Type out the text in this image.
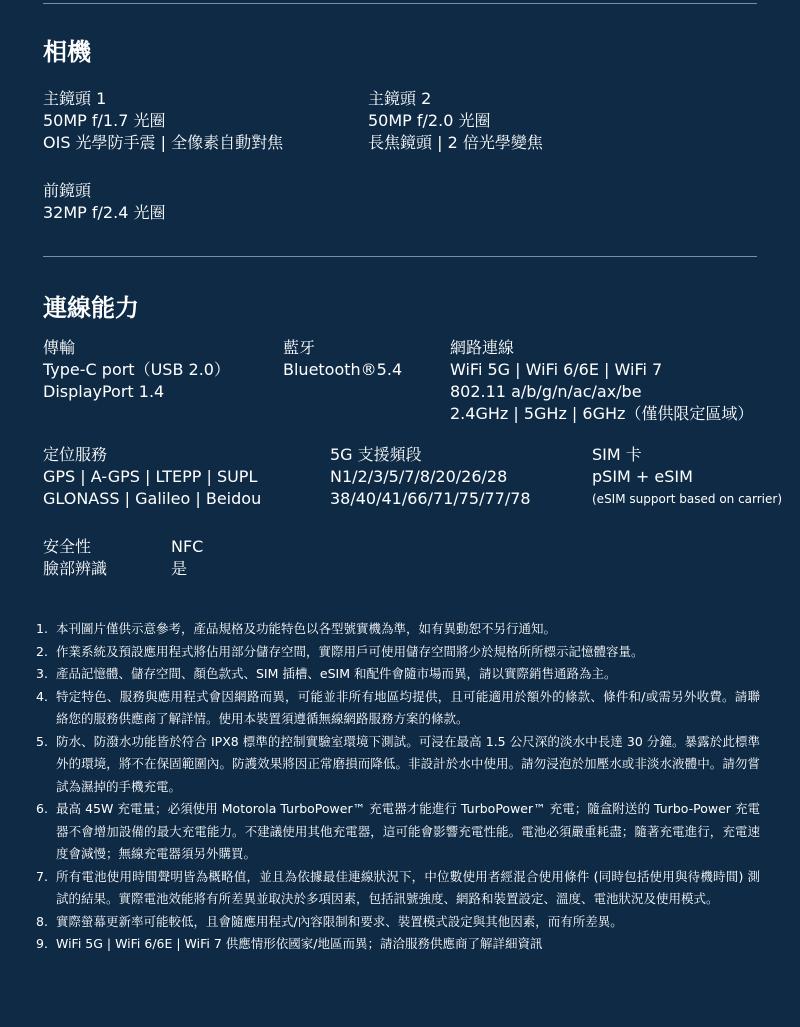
相機
主鏡頭 1
50MP f/1.7 光圈
OIS 光學防手震 | 全像素自動對焦
主鏡頭 2
50MP f/2.0 光圈
長焦鏡頭 | 2 倍光學變焦
前鏡頭
32MP f/2.4 光圈
連線能力
傳輸
Type-C port（USB 2.0）
DisplayPort 1.4
藍牙
Bluetooth®5.4
網路連線
WiFi 5G | WiFi 6/6E | WiFi 7
802.11 a/b/g/n/ac/ax/be
2.4GHz | 5GHz | 6GHz（僅供限定區域）
定位服務
GPS | A-GPS | LTEPP | SUPL
GLONASS | Galileo | Beidou
5G 支援頻段
N1/2/3/5/7/8/20/26/28
38/40/41/66/71/75/77/78
SIM 卡
pSIM + eSIM
(eSIM support based on carrier)
安全性
臉部辨識
NFC
是
1. 本刊圖片僅供示意參考，產品規格及功能特色以各型號實機為準，如有異動恕不另行通知。
2. 作業系統及預設應用程式將佔用部分儲存空間，實際用戶可使用儲存空間將少於規格所所標示記憶體容量。
3. 產品記憶體、儲存空間、顏色款式、SIM 插槽、eSIM 和配件會隨市場而異，請以實際銷售通路為主。
4. 特定特色、服務與應用程式會因網路而異，可能並非所有地區均提供，且可能適用於額外的條款、條件和/或需另外收費。請聯絡您的服務供應商了解詳情。使用本裝置須遵循無線網路服務方案的條款。
5. 防水、防潑水功能皆於符合 IPX8 標準的控制實驗室環境下測試。可浸在最高 1.5 公尺深的淡水中長達 30 分鐘。暴露於此標準外的環境，將不在保固範圍內。防護效果將因正常磨損而降低。非設計於水中使用。請勿浸泡於加壓水或非淡水液體中。請勿嘗試為濕掉的手機充電。
6. 最高 45W 充電量；必須使用 Motorola TurboPower™ 充電器才能進行 TurboPower™ 充電；隨盒附送的 Turbo-Power 充電器不會增加設備的最大充電能力。不建議使用其他充電器，這可能會影響充電性能。電池必須嚴重耗盡；隨著充電進行，充電速度會減慢；無線充電器須另外購買。
7. 所有電池使用時間聲明皆為概略值，並且為依據最佳連線狀況下，中位數使用者經混合使用條件 (同時包括使用與待機時間) 測試的結果。實際電池效能將有所差異並取決於多項因素，包括訊號強度、網路和裝置設定、溫度、電池狀況及使用模式。
8. 實際螢幕更新率可能較低，且會隨應用程式/內容限制和要求、裝置模式設定與其他因素，而有所差異。
9. WiFi 5G | WiFi 6/6E | WiFi 7 供應情形依國家/地區而異；請洽服務供應商了解詳細資訊
